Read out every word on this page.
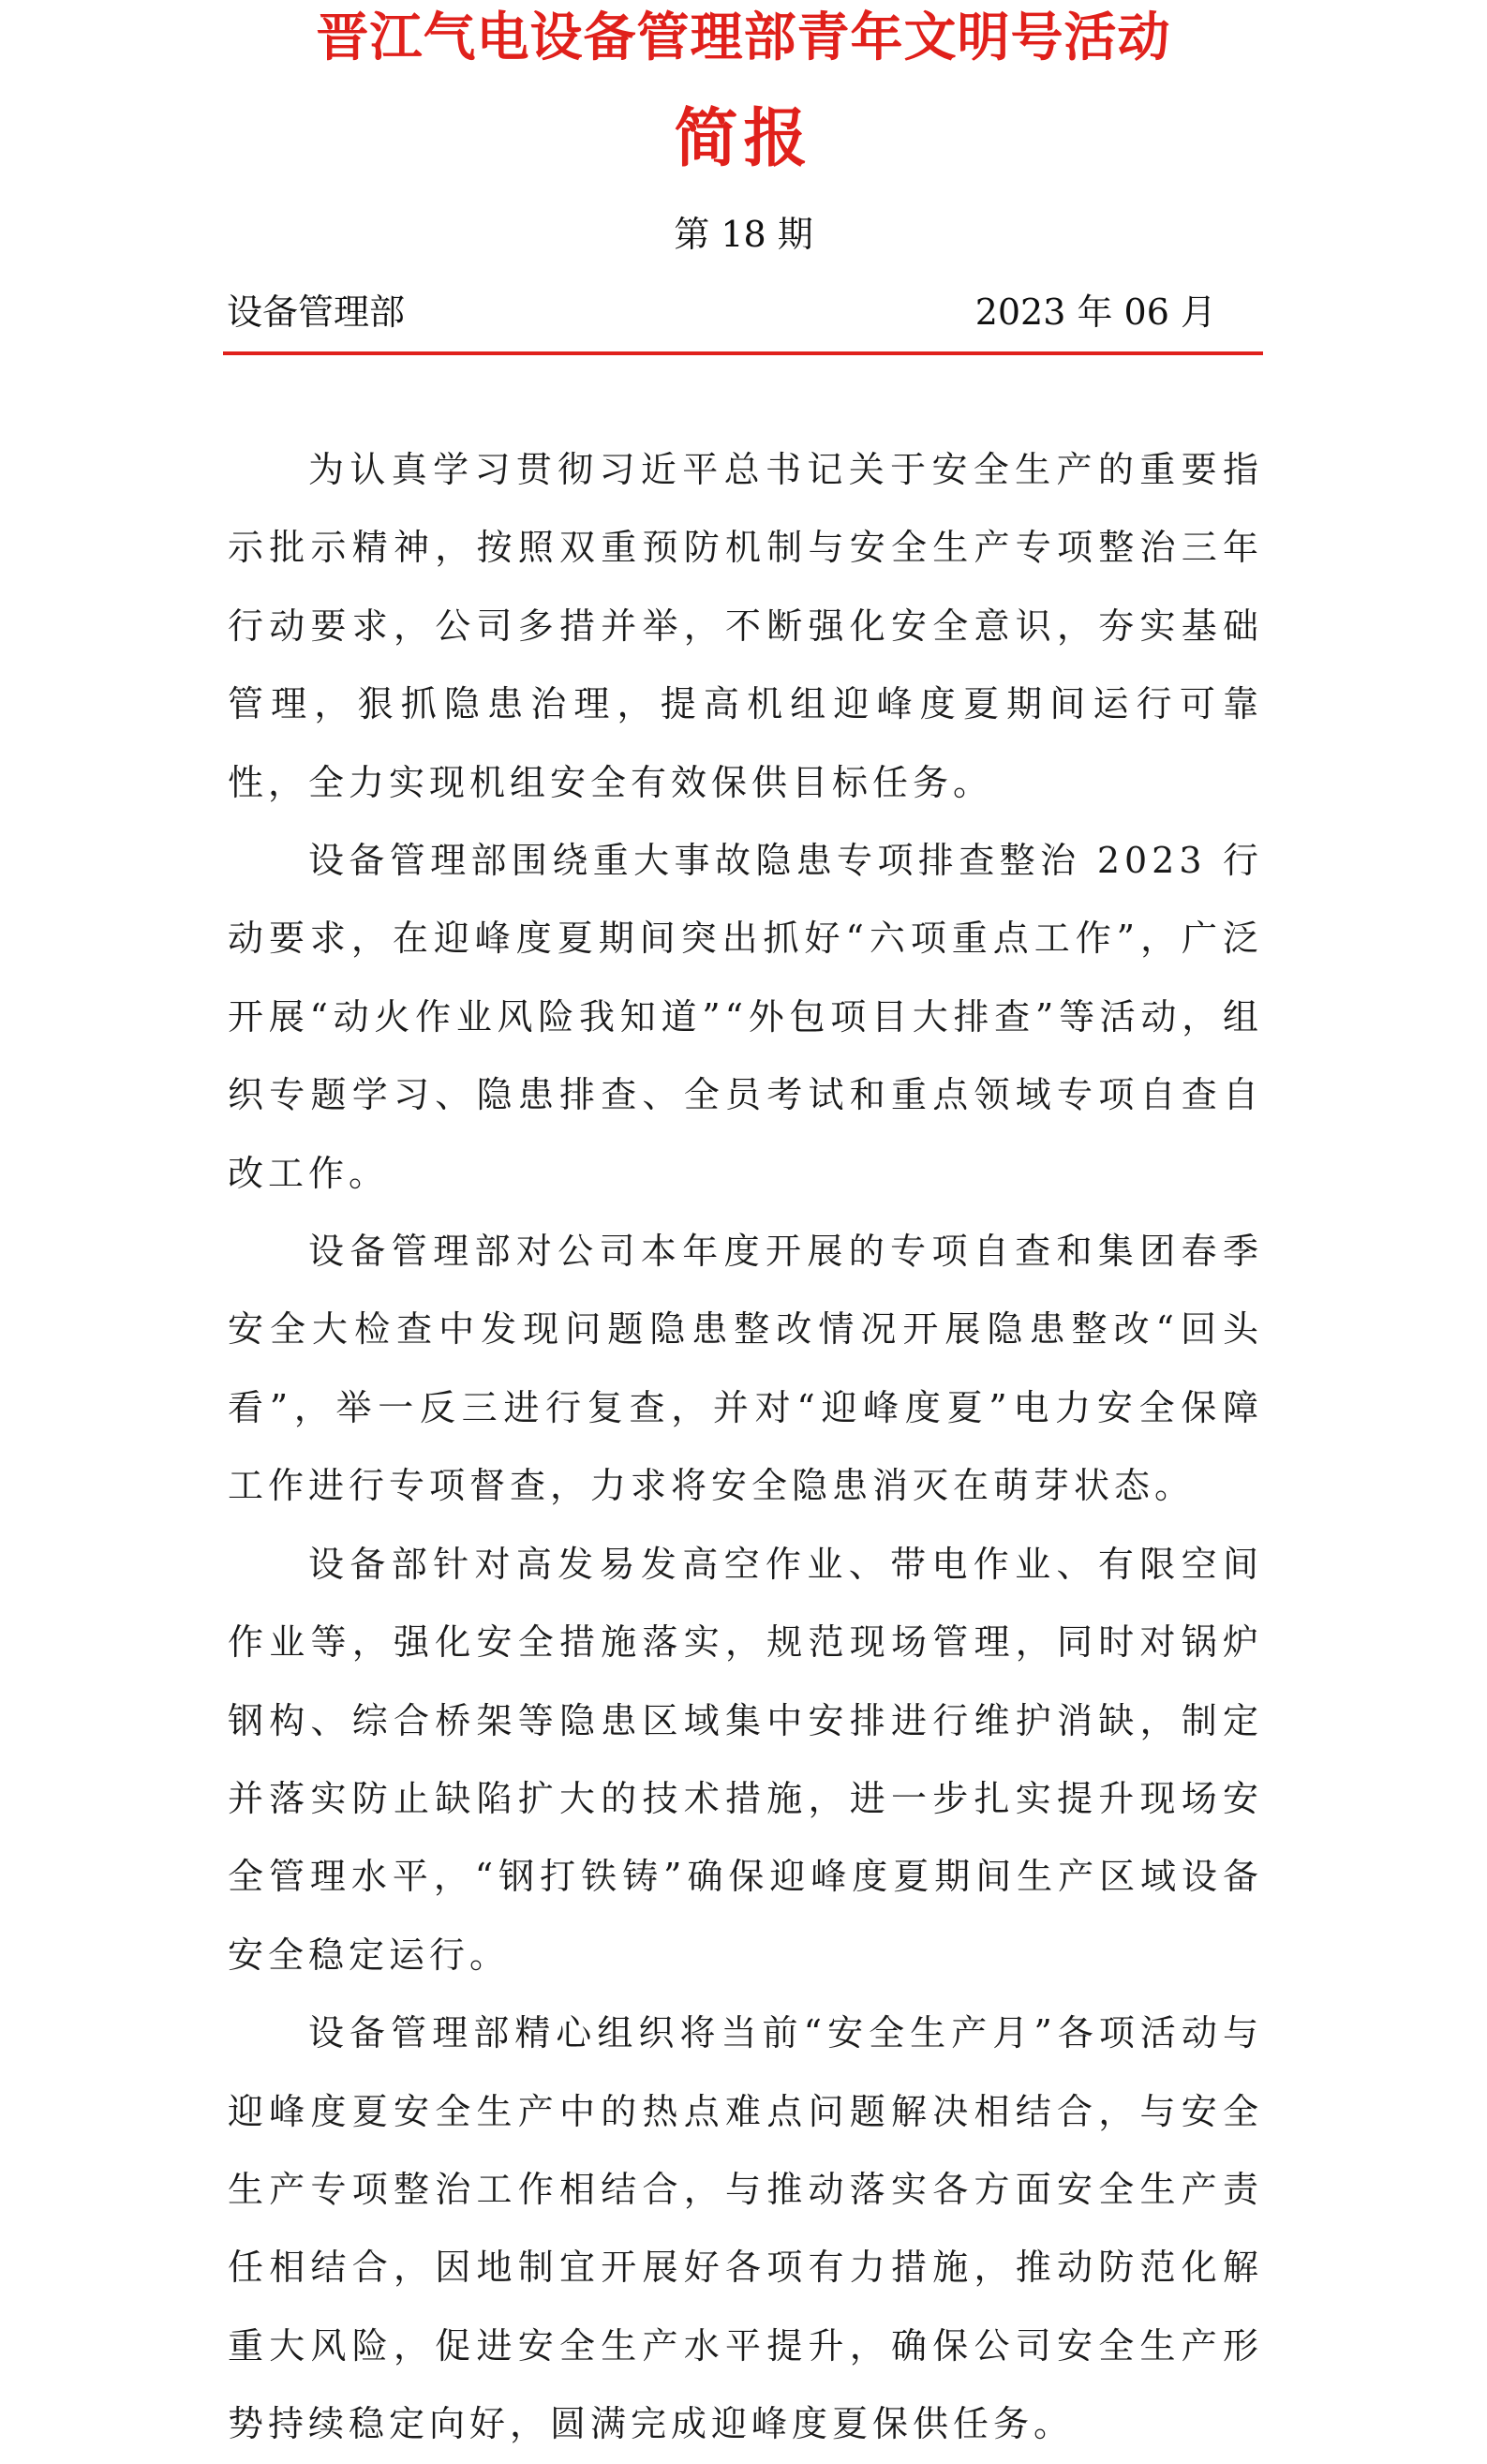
晋江气电设备管理部青年文明号活动
简报
第 18 期
设备管理部	2023 年 06 月

为认真学习贯彻习近平总书记关于安全生产的重要指示批示精神，按照双重预防机制与安全生产专项整治三年行动要求，公司多措并举，不断强化安全意识，夯实基础管理，狠抓隐患治理，提高机组迎峰度夏期间运行可靠性，全力实现机组安全有效保供目标任务。

设备管理部围绕重大事故隐患专项排查整治 2023 行动要求，在迎峰度夏期间突出抓好“六项重点工作”，广泛开展“动火作业风险我知道”“外包项目大排查”等活动，组织专题学习、隐患排查、全员考试和重点领域专项自查自改工作。

设备管理部对公司本年度开展的专项自查和集团春季安全大检查中发现问题隐患整改情况开展隐患整改“回头看”，举一反三进行复查，并对“迎峰度夏”电力安全保障工作进行专项督查，力求将安全隐患消灭在萌芽状态。

设备部针对高发易发高空作业、带电作业、有限空间作业等，强化安全措施落实，规范现场管理，同时对锅炉钢构、综合桥架等隐患区域集中安排进行维护消缺，制定并落实防止缺陷扩大的技术措施，进一步扎实提升现场安全管理水平，“钢打铁铸”确保迎峰度夏期间生产区域设备安全稳定运行。

设备管理部精心组织将当前“安全生产月”各项活动与迎峰度夏安全生产中的热点难点问题解决相结合，与安全生产专项整治工作相结合，与推动落实各方面安全生产责任相结合，因地制宜开展好各项有力措施，推动防范化解重大风险，促进安全生产水平提升，确保公司安全生产形势持续稳定向好，圆满完成迎峰度夏保供任务。
